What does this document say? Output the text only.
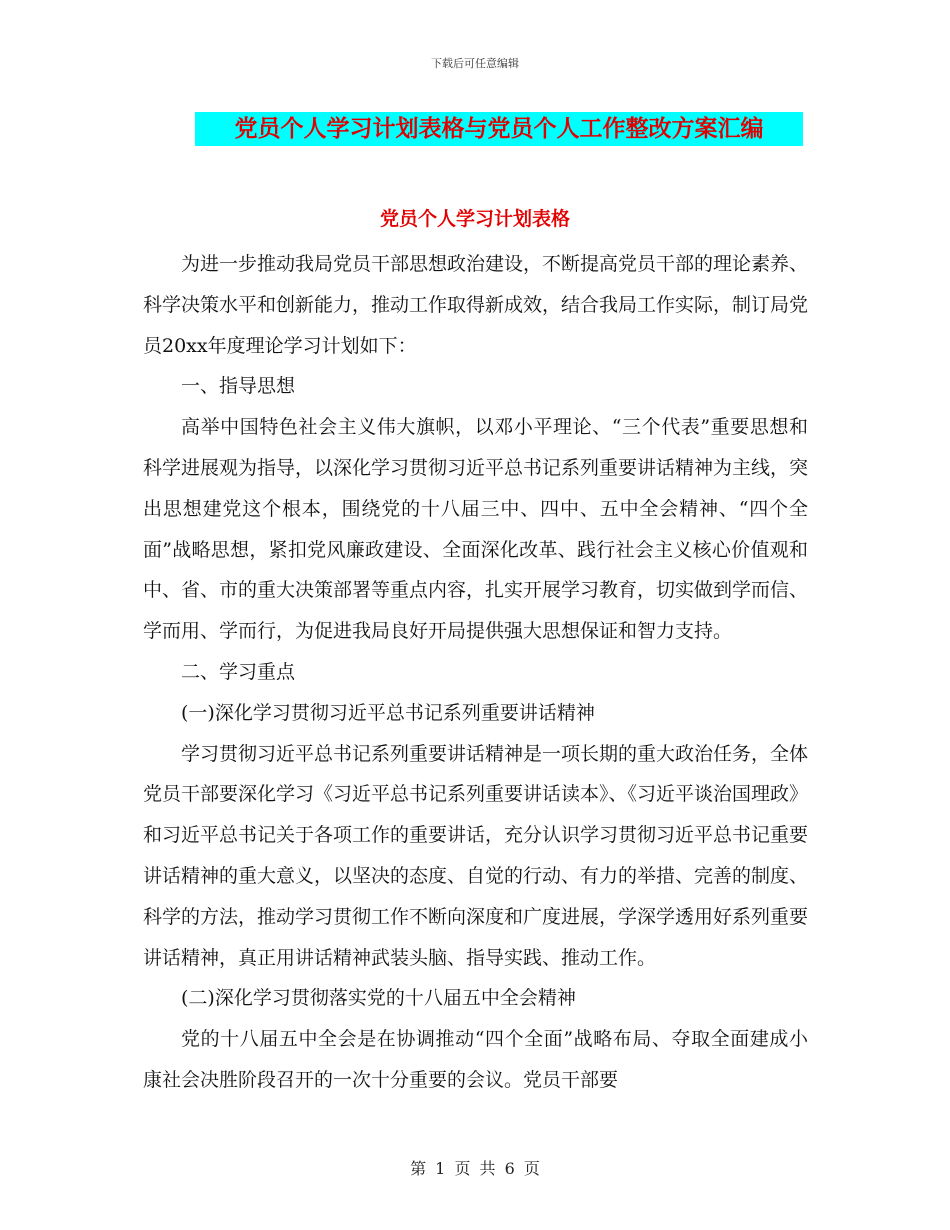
下载后可任意编辑
党员个人学习计划表格与党员个人工作整改方案汇编
党员个人学习计划表格

为进一步推动我局党员干部思想政治建设，不断提高党员干部的理论素养、科学决策水平和创新能力，推动工作取得新成效，结合我局工作实际，制订局党员20xx年度理论学习计划如下：

一、指导思想

高举中国特色社会主义伟大旗帜，以邓小平理论、“三个代表”重要思想和科学进展观为指导，以深化学习贯彻习近平总书记系列重要讲话精神为主线，突出思想建党这个根本，围绕党的十八届三中、四中、五中全会精神、“四个全面”战略思想，紧扣党风廉政建设、全面深化改革、践行社会主义核心价值观和中、省、市的重大决策部署等重点内容，扎实开展学习教育，切实做到学而信、学而用、学而行，为促进我局良好开局提供强大思想保证和智力支持。

二、学习重点

(一)深化学习贯彻习近平总书记系列重要讲话精神

学习贯彻习近平总书记系列重要讲话精神是一项长期的重大政治任务，全体党员干部要深化学习《习近平总书记系列重要讲话读本》、《习近平谈治国理政》和习近平总书记关于各项工作的重要讲话，充分认识学习贯彻习近平总书记重要讲话精神的重大意义，以坚决的态度、自觉的行动、有力的举措、完善的制度、科学的方法，推动学习贯彻工作不断向深度和广度进展，学深学透用好系列重要讲话精神，真正用讲话精神武装头脑、指导实践、推动工作。

(二)深化学习贯彻落实党的十八届五中全会精神

党的十八届五中全会是在协调推动“四个全面”战略布局、夺取全面建成小康社会决胜阶段召开的一次十分重要的会议。党员干部要

第 1 页 共 6 页
